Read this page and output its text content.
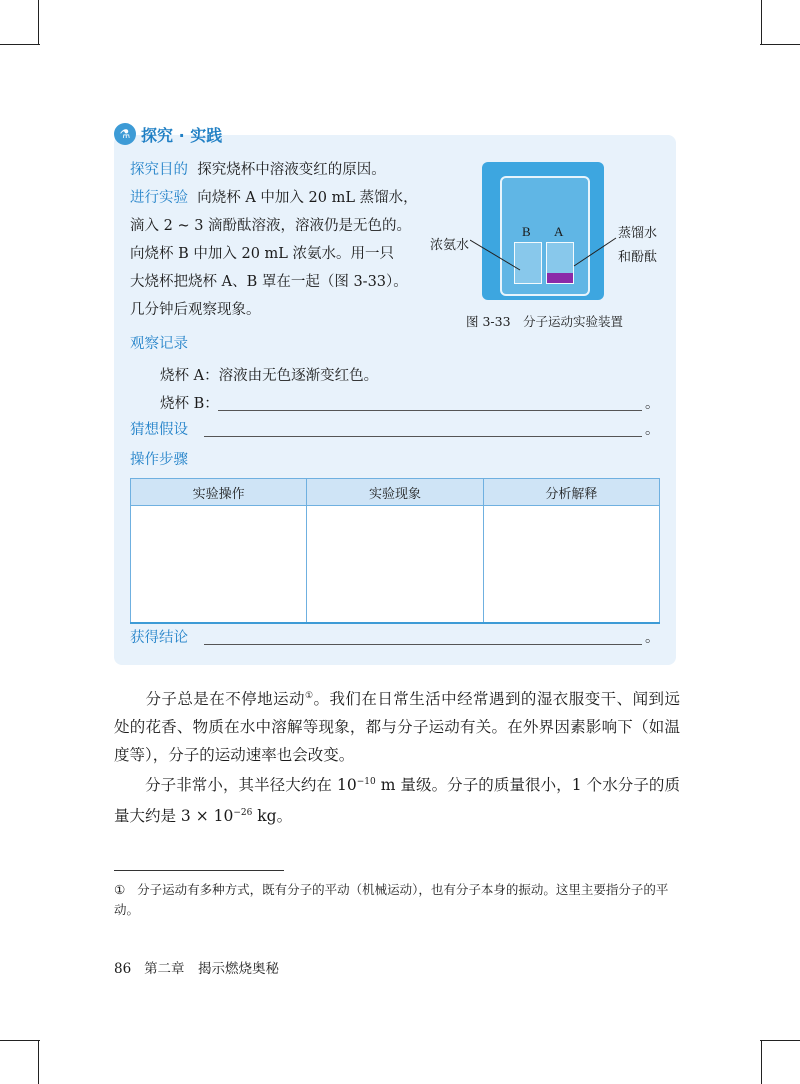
⚗ 探究 · 实践
探究目的 探究烧杯中溶液变红的原因。
进行实验 向烧杯 A 中加入 20 mL 蒸馏水，
滴入 2 ~ 3 滴酚酞溶液，溶液仍是无色的。
向烧杯 B 中加入 20 mL 浓氨水。用一只
大烧杯把烧杯 A、B 罩在一起（图 3-33）。
几分钟后观察现象。
B A
浓氨水
蒸馏水
和酚酞
图 3-33　分子运动实验装置
观察记录
烧杯 A：溶液由无色逐渐变红色。
烧杯 B：	。
猜想假设	。
操作步骤
实验操作	实验现象	分析解释

获得结论	。
分子总是在不停地运动①。我们在日常生活中经常遇到的湿衣服变干、闻到远处的花香、物质在水中溶解等现象，都与分子运动有关。在外界因素影响下（如温度等），分子的运动速率也会改变。
分子非常小，其半径大约在 $10^{-10}$ m 量级。分子的质量很小，1 个水分子的质量大约是 $3 \times 10^{-26}$ kg。
① 分子运动有多种方式，既有分子的平动（机械运动），也有分子本身的振动。这里主要指分子的平动。
86 第二章　揭示燃烧奥秘
